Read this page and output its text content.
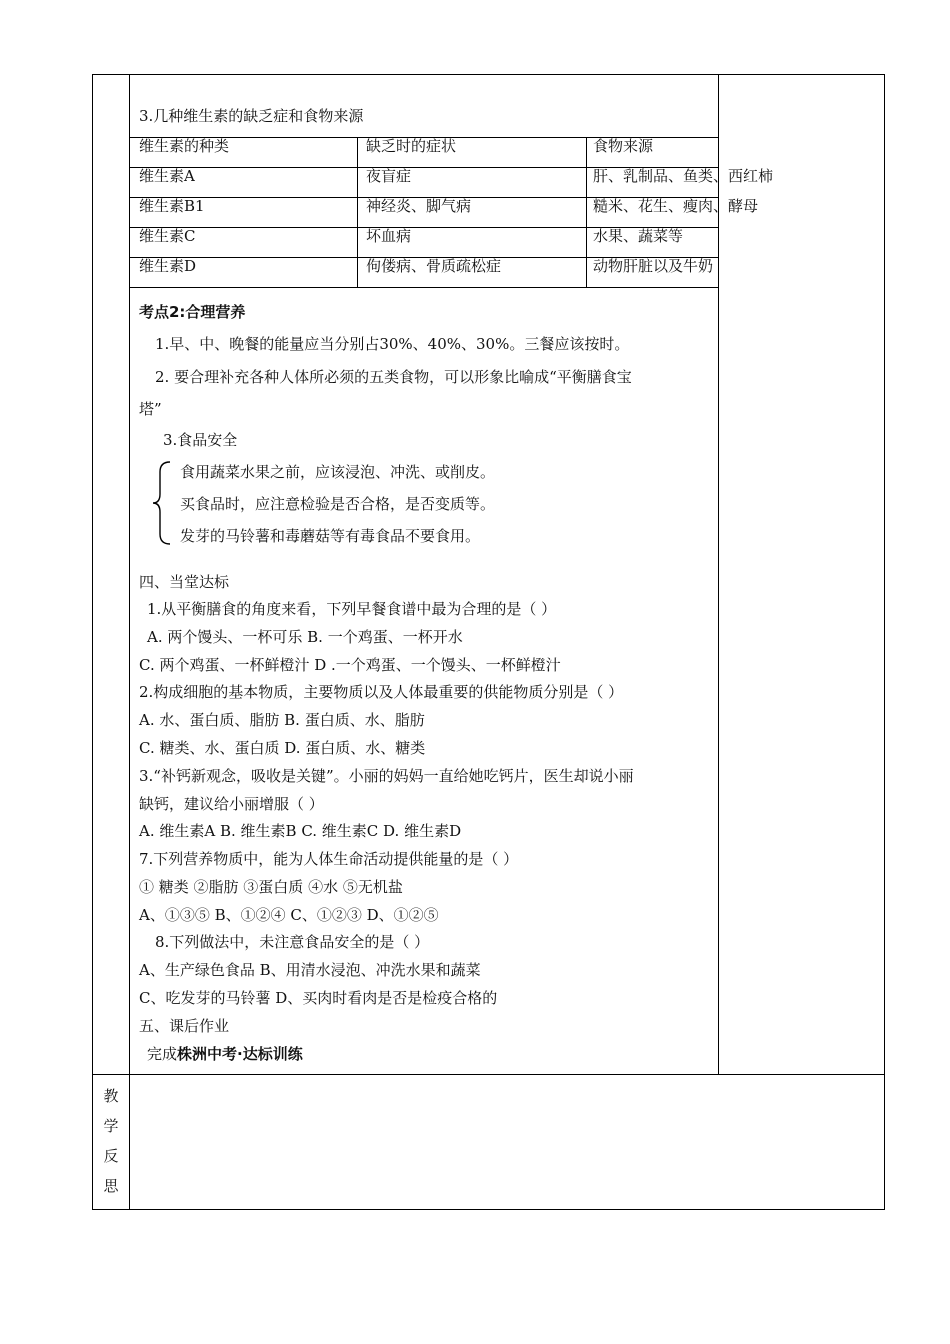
3.几种维生素的缺乏症和食物来源
维生素的种类	缺乏时的症状	食物来源
维生素A	夜盲症	肝、乳制品、鱼类、西红柿
维生素B1	神经炎、脚气病	糙米、花生、瘦肉、酵母
维生素C	坏血病	水果、蔬菜等
维生素D	佝偻病、骨质疏松症	动物肝脏以及牛奶
考点2:合理营养
1.早、中、晚餐的能量应当分别占30%、40%、30%。三餐应该按时。
2. 要合理补充各种人体所必须的五类食物，可以形象比喻成“平衡膳食宝
塔”
3.食品安全
食用蔬菜水果之前，应该浸泡、冲洗、或削皮。
买食品时，应注意检验是否合格，是否变质等。
发芽的马铃薯和毒蘑菇等有毒食品不要食用。
四、当堂达标
1.从平衡膳食的角度来看，下列早餐食谱中最为合理的是（ ）
A. 两个馒头、一杯可乐 B. 一个鸡蛋、一杯开水
C. 两个鸡蛋、一杯鲜橙汁 D .一个鸡蛋、一个馒头、一杯鲜橙汁
2.构成细胞的基本物质，主要物质以及人体最重要的供能物质分别是（ ）
A. 水、蛋白质、脂肪 B. 蛋白质、水、脂肪
C. 糖类、水、蛋白质 D. 蛋白质、水、糖类
3.“补钙新观念，吸收是关键”。小丽的妈妈一直给她吃钙片，医生却说小丽
缺钙，建议给小丽增服（ ）
A. 维生素A B. 维生素B C. 维生素C D. 维生素D
7.下列营养物质中，能为人体生命活动提供能量的是（ ）
① 糖类 ②脂肪 ③蛋白质 ④水 ⑤无机盐
A、①③⑤ B、①②④ C、①②③ D、①②⑤
8.下列做法中，未注意食品安全的是（ ）
A、生产绿色食品 B、用清水浸泡、冲洗水果和蔬菜
C、吃发芽的马铃薯 D、买肉时看肉是否是检疫合格的
五、课后作业
完成株洲中考·达标训练
教
学
反
思
